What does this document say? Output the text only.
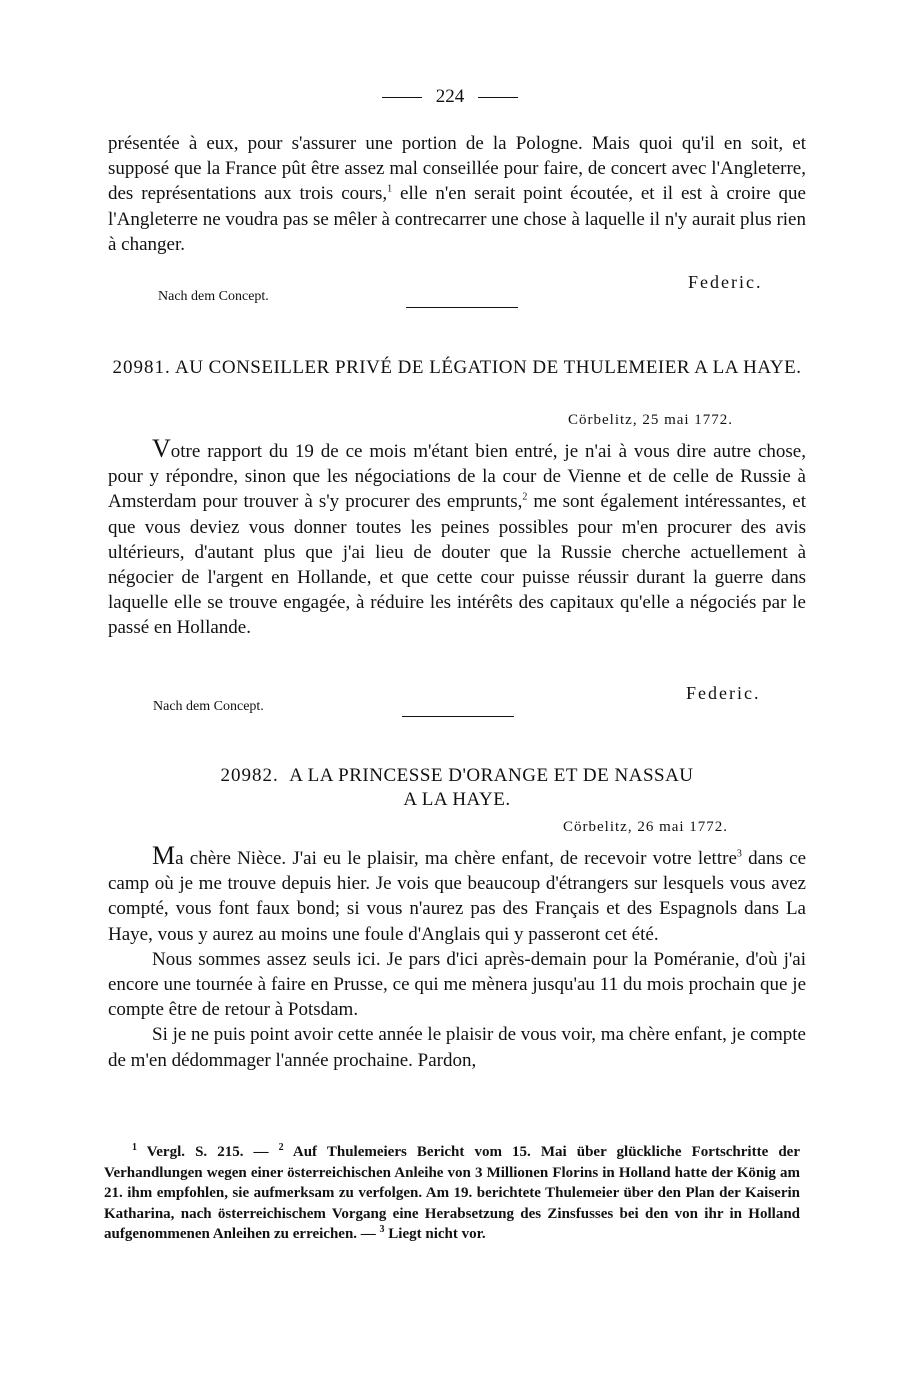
224

présentée à eux, pour s'assurer une portion de la Pologne. Mais quoi qu'il en soit, et supposé que la France pût être assez mal conseillée pour faire, de concert avec l'Angleterre, des représentations aux trois cours,$^1$ elle n'en serait point écoutée, et il est à croire que l'Angleterre ne voudra pas se mêler à contrecarrer une chose à laquelle il n'y aurait plus rien à changer.

Federic.
Nach dem Concept.
20981. AU CONSEILLER PRIVÉ DE LÉGATION DE THULEMEIER A LA HAYE.
Cörbelitz, 25 mai 1772.

Votre rapport du 19 de ce mois m'étant bien entré, je n'ai à vous dire autre chose, pour y répondre, sinon que les négociations de la cour de Vienne et de celle de Russie à Amsterdam pour trouver à s'y procurer des emprunts,$^2$ me sont également intéressantes, et que vous deviez vous donner toutes les peines possibles pour m'en procurer des avis ultérieurs, d'autant plus que j'ai lieu de douter que la Russie cherche actuellement à négocier de l'argent en Hollande, et que cette cour puisse réussir durant la guerre dans laquelle elle se trouve engagée, à réduire les intérêts des capitaux qu'elle a négociés par le passé en Hollande.

Federic.
Nach dem Concept.
20982. A LA PRINCESSE D'ORANGE ET DE NASSAU
A LA HAYE.
Cörbelitz, 26 mai 1772.

Ma chère Nièce. J'ai eu le plaisir, ma chère enfant, de recevoir votre lettre$^3$ dans ce camp où je me trouve depuis hier. Je vois que beaucoup d'étrangers sur lesquels vous avez compté, vous font faux bond; si vous n'aurez pas des Français et des Espagnols dans La Haye, vous y aurez au moins une foule d'Anglais qui y passeront cet été.

Nous sommes assez seuls ici. Je pars d'ici après-demain pour la Poméranie, d'où j'ai encore une tournée à faire en Prusse, ce qui me mènera jusqu'au 11 du mois prochain que je compte être de retour à Potsdam.

Si je ne puis point avoir cette année le plaisir de vous voir, ma chère enfant, je compte de m'en dédommager l'année prochaine. Pardon,

$^1$ Vergl. S. 215. — $^2$ Auf Thulemeiers Bericht vom 15. Mai über glückliche Fortschritte der Verhandlungen wegen einer österreichischen Anleihe von 3 Millionen Florins in Holland hatte der König am 21. ihm empfohlen, sie aufmerksam zu verfolgen. Am 19. berichtete Thulemeier über den Plan der Kaiserin Katharina, nach österreichischem Vorgang eine Herabsetzung des Zinsfusses bei den von ihr in Holland aufgenommenen Anleihen zu erreichen. — $^3$ Liegt nicht vor.
